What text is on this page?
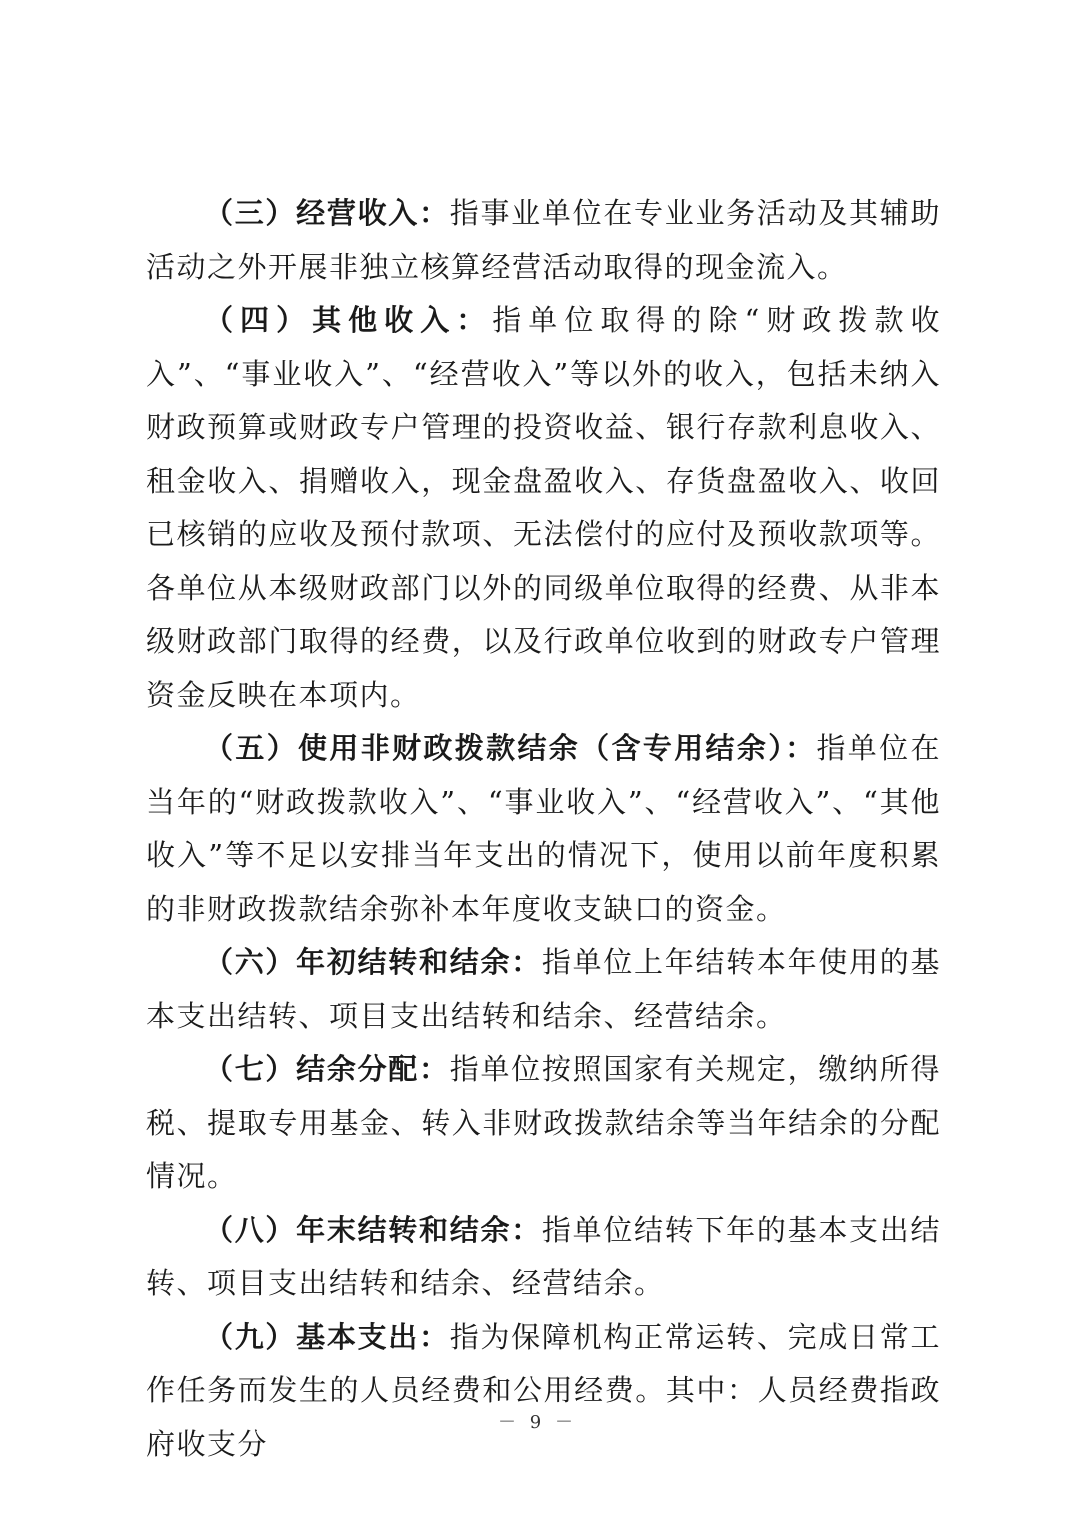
（三）经营收入：指事业单位在专业业务活动及其辅助活动之外开展非独立核算经营活动取得的现金流入。

（四）其他收入：指单位取得的除“财政拨款收入”、“事业收入”、“经营收入”等以外的收入，包括未纳入财政预算或财政专户管理的投资收益、银行存款利息收入、租金收入、捐赠收入，现金盘盈收入、存货盘盈收入、收回已核销的应收及预付款项、无法偿付的应付及预收款项等。各单位从本级财政部门以外的同级单位取得的经费、从非本级财政部门取得的经费，以及行政单位收到的财政专户管理资金反映在本项内。

（五）使用非财政拨款结余（含专用结余）：指单位在当年的“财政拨款收入”、“事业收入”、“经营收入”、“其他收入”等不足以安排当年支出的情况下，使用以前年度积累的非财政拨款结余弥补本年度收支缺口的资金。

（六）年初结转和结余：指单位上年结转本年使用的基本支出结转、项目支出结转和结余、经营结余。

（七）结余分配：指单位按照国家有关规定，缴纳所得税、提取专用基金、转入非财政拨款结余等当年结余的分配情况。

（八）年末结转和结余：指单位结转下年的基本支出结转、项目支出结转和结余、经营结余。

（九）基本支出：指为保障机构正常运转、完成日常工作任务而发生的人员经费和公用经费。其中：人员经费指政府收支分

－ 9 －
